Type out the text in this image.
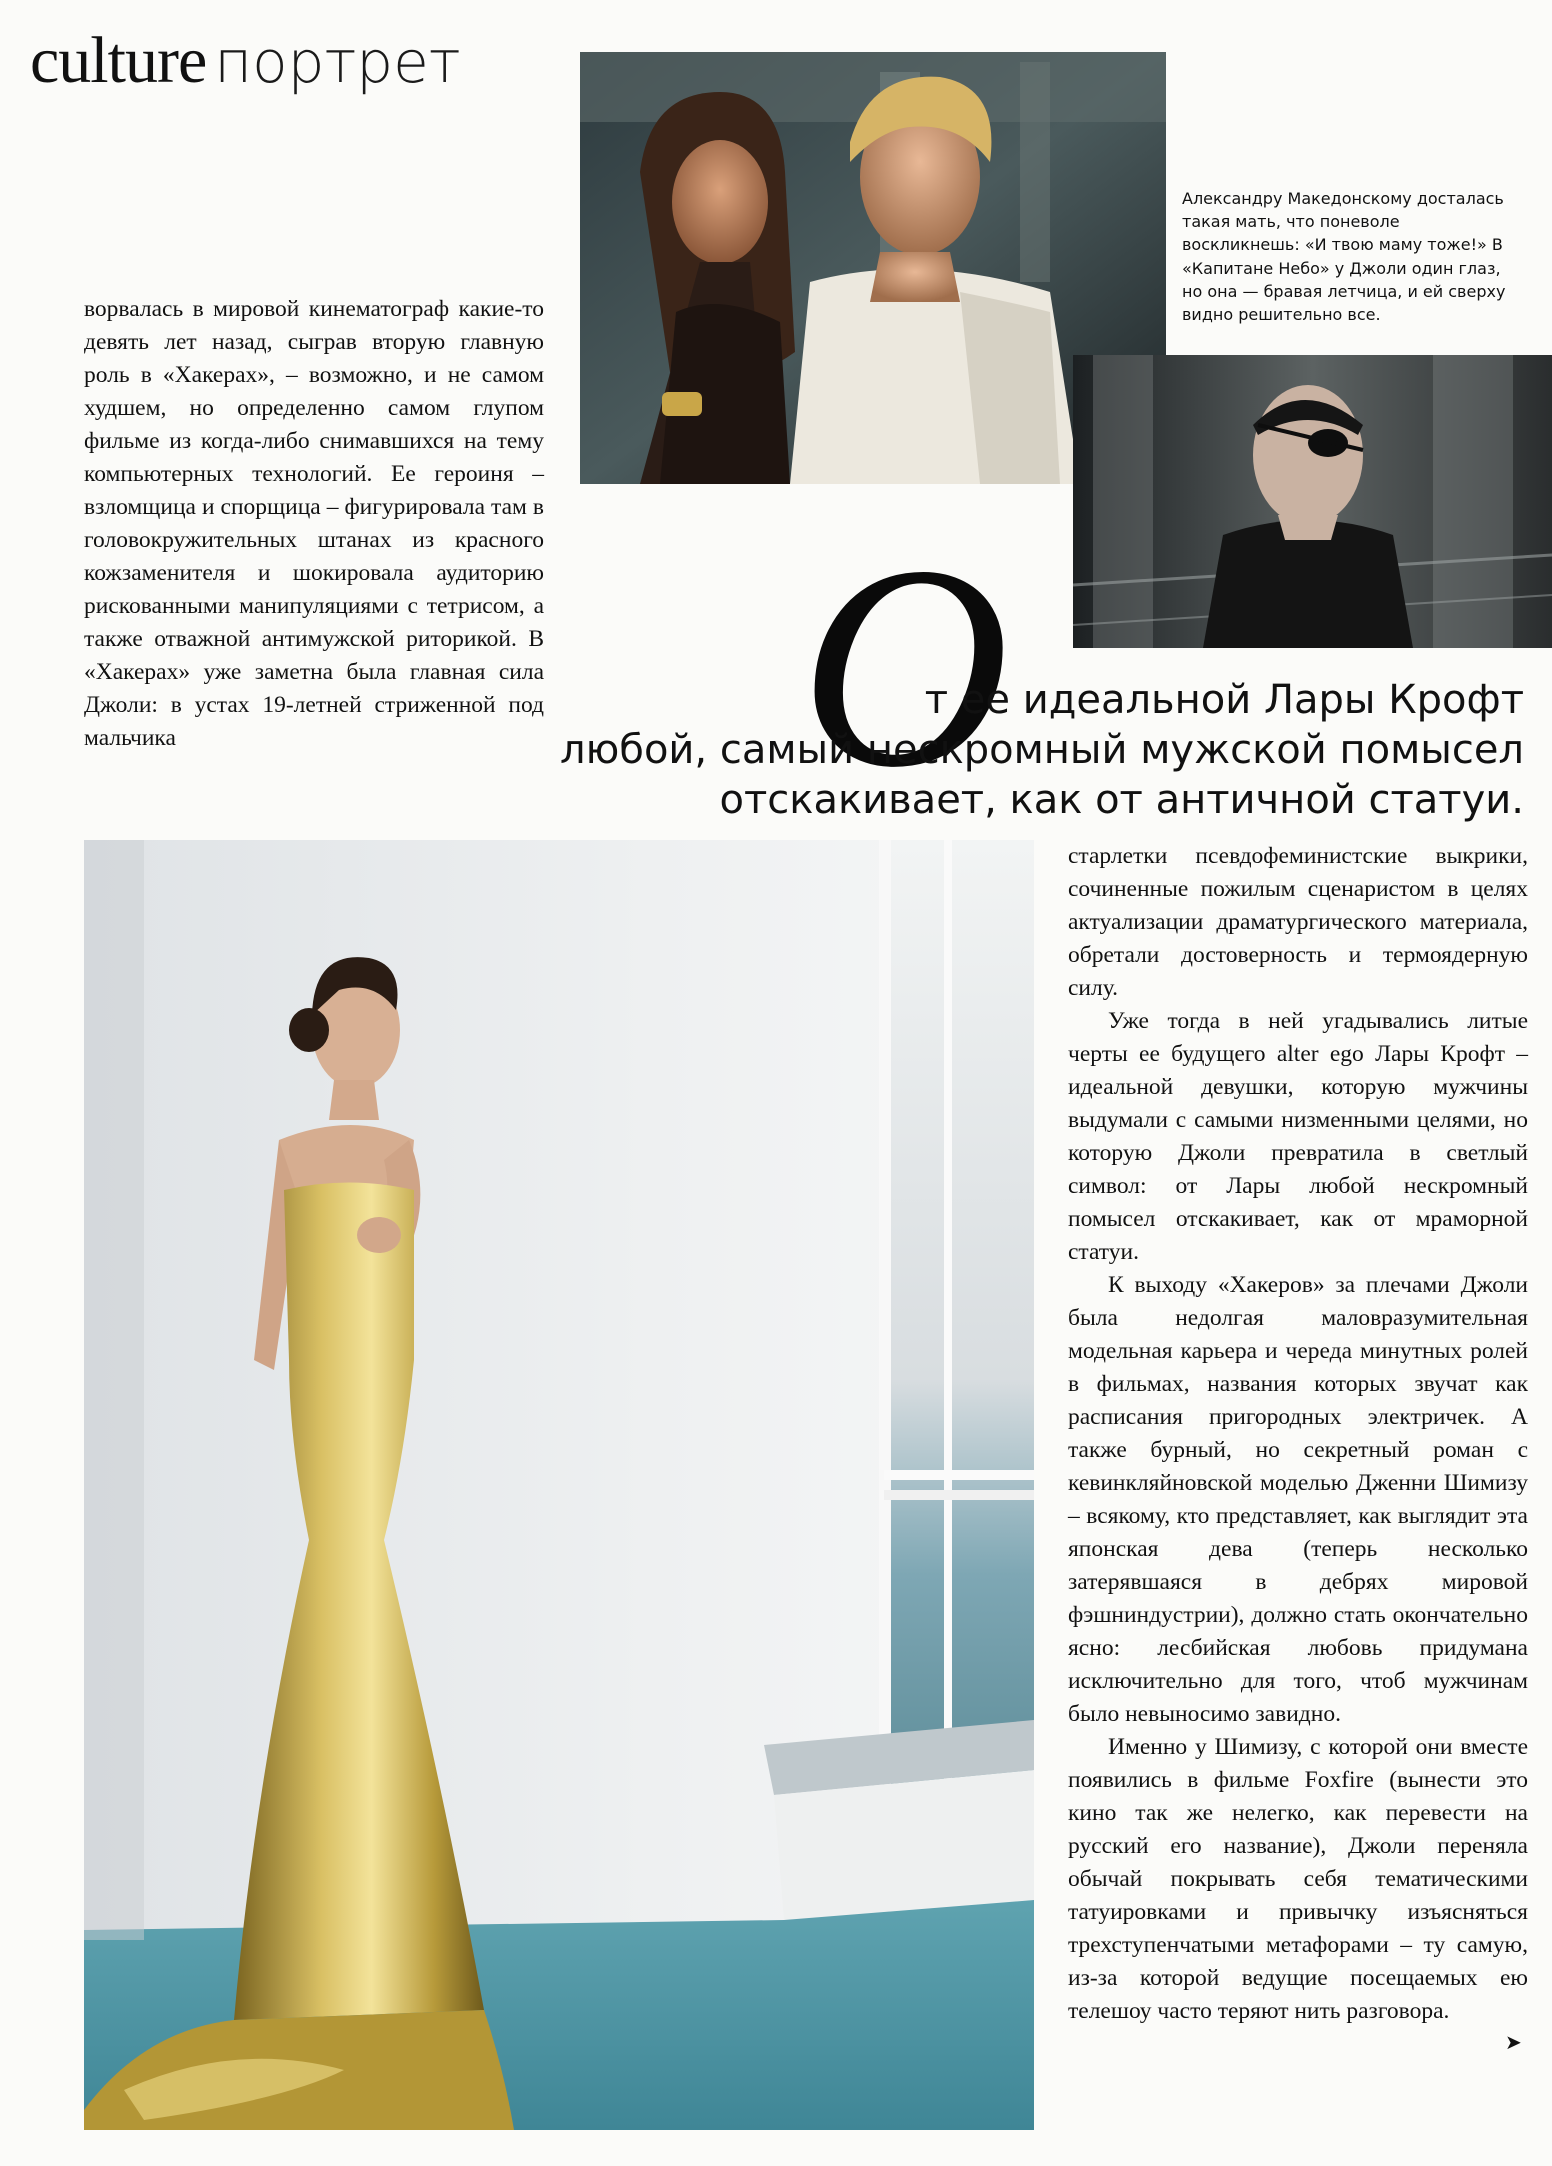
culture портрет
Александру Македонскому досталась такая мать, что поневоле воскликнешь: «И твою маму тоже!» В «Капитане Небо» у Джоли один глаз, но она — бравая летчица, и ей сверху видно решительно все.

ворвалась в мировой кинематограф какие-то девять лет назад, сыграв вторую главную роль в «Хакерах», – возможно, и не самом худшем, но определенно самом глупом фильме из когда-либо снимавшихся на тему компьютерных технологий. Ее героиня – взломщица и спорщица – фигурировала там в головокружительных штанах из красного кожзаменителя и шокировала аудиторию рискованными манипуляциями с тетрисом, а также отважной антимужской риторикой. В «Хакерах» уже заметна была главная сила Джоли: в устах 19-летней стриженной под мальчика	О
т ее идеальной Лары Крофт
любой, самый нескромный мужской помысел
отскакивает, как от античной статуи.

старлетки псевдофеминистские выкрики, сочиненные пожилым сценаристом в целях актуализации драматургического материала, обретали достоверность и термоядерную силу.

Уже тогда в ней угадывались литые черты ее будущего alter ego Лары Крофт – идеальной девушки, которую мужчины выдумали с самыми низменными целями, но которую Джоли превратила в светлый символ: от Лары любой нескромный помысел отскакивает, как от мраморной статуи.

К выходу «Хакеров» за плечами Джоли была недолгая маловразумительная модельная карьера и череда минутных ролей в фильмах, названия которых звучат как расписания пригородных электричек. А также бурный, но секретный роман с кевинкляйновской моделью Дженни Шимизу – всякому, кто представляет, как выглядит эта японская дева (теперь несколько затерявшаяся в дебрях мировой фэшниндустрии), должно стать окончательно ясно: лесбийская любовь придумана исключительно для того, чтоб мужчинам было невыносимо завидно.

Именно у Шимизу, с которой они вместе появились в фильме Foxfire (вынести это кино так же нелегко, как перевести на русский его название), Джоли переняла обычай покрывать себя тематическими татуировками и привычку изъясняться трехступенчатыми метафорами – ту самую, из-за которой ведущие посещаемых ею телешоу часто теряют нить разговора.

➤
